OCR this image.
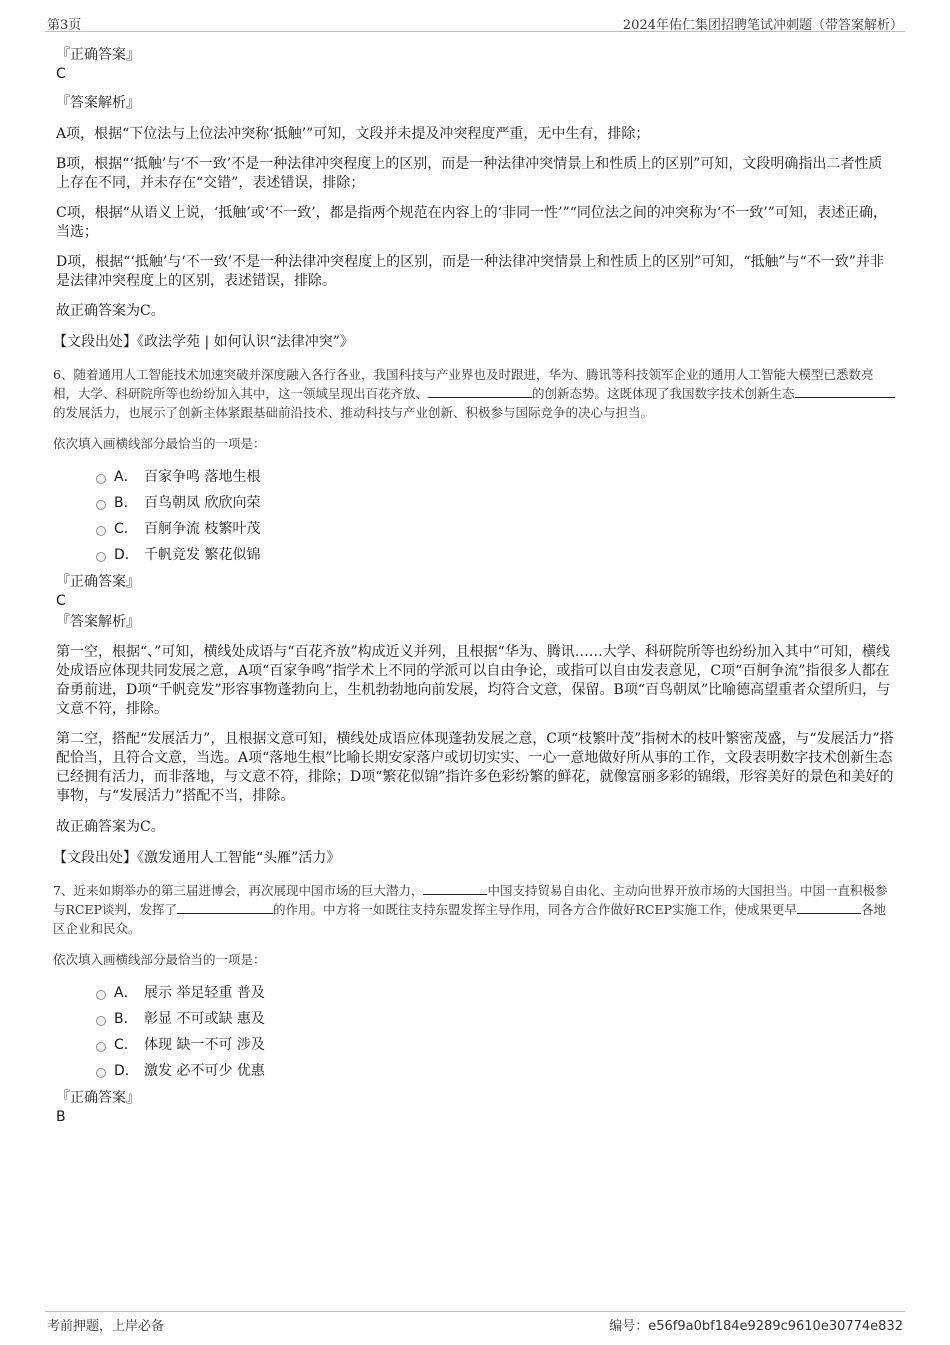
第3页	2024年佑仁集团招聘笔试冲刺题（带答案解析）

『正确答案』

C

『答案解析』

A项，根据“下位法与上位法冲突称‘抵触’”可知，文段并未提及冲突程度严重，无中生有，排除；

B项，根据“‘抵触’与‘不一致’不是一种法律冲突程度上的区别，而是一种法律冲突情景上和性质上的区别”可知，文段明确指出二者性质上存在不同，并未存在“交错”，表述错误，排除；

C项，根据“从语义上说，‘抵触’或‘不一致’，都是指两个规范在内容上的‘非同一性’”“同位法之间的冲突称为‘不一致’”可知，表述正确，当选；

D项，根据“‘抵触’与‘不一致’不是一种法律冲突程度上的区别，而是一种法律冲突情景上和性质上的区别”可知，“抵触”与“不一致”并非是法律冲突程度上的区别，表述错误，排除。

故正确答案为C。

【文段出处】《政法学苑 | 如何认识“法律冲突”》

6、随着通用人工智能技术加速突破并深度融入各行各业，我国科技与产业界也及时跟进，华为、腾讯等科技领军企业的通用人工智能大模型已悉数亮相，大学、科研院所等也纷纷加入其中，这一领域呈现出百花齐放、	的创新态势。这既体现了我国数字技术创新生态的发展活力，也展示了创新主体紧跟基础前沿技术、推动科技与产业创新、积极参与国际竞争的决心与担当。

依次填入画横线部分最恰当的一项是：

A． 百家争鸣 落地生根
B． 百鸟朝凤 欣欣向荣
C． 百舸争流 枝繁叶茂
D． 千帆竞发 繁花似锦

『正确答案』

C

『答案解析』

第一空，根据“、”可知，横线处成语与“百花齐放”构成近义并列，且根据“华为、腾讯……大学、科研院所等也纷纷加入其中”可知，横线处成语应体现共同发展之意，A项“百家争鸣”指学术上不同的学派可以自由争论，或指可以自由发表意见，C项“百舸争流”指很多人都在奋勇前进，D项“千帆竞发”形容事物蓬勃向上，生机勃勃地向前发展，均符合文意，保留。B项“百鸟朝凤”比喻德高望重者众望所归，与文意不符，排除。

第二空，搭配“发展活力”，且根据文意可知，横线处成语应体现蓬勃发展之意，C项“枝繁叶茂”指树木的枝叶繁密茂盛，与“发展活力”搭配恰当，且符合文意，当选。A项“落地生根”比喻长期安家落户或切切实实、一心一意地做好所从事的工作，文段表明数字技术创新生态已经拥有活力，而非落地，与文意不符，排除；D项“繁花似锦”指许多色彩纷繁的鲜花，就像富丽多彩的锦缎，形容美好的景色和美好的事物，与“发展活力”搭配不当，排除。

故正确答案为C。

【文段出处】《激发通用人工智能“头雁”活力》

7、近来如期举办的第三届进博会，再次展现中国市场的巨大潜力，	中国支持贸易自由化、主动向世界开放市场的大国担当。中国一直积极参与RCEP谈判，发挥了	的作用。中方将一如既往支持东盟发挥主导作用，同各方合作做好RCEP实施工作，使成果更早	各地区企业和民众。

依次填入画横线部分最恰当的一项是：

A． 展示 举足轻重 普及
B． 彰显 不可或缺 惠及
C． 体现 缺一不可 涉及
D． 激发 必不可少 优惠

『正确答案』

B

考前押题，上岸必备	编号：e56f9a0bf184e9289c9610e30774e832
